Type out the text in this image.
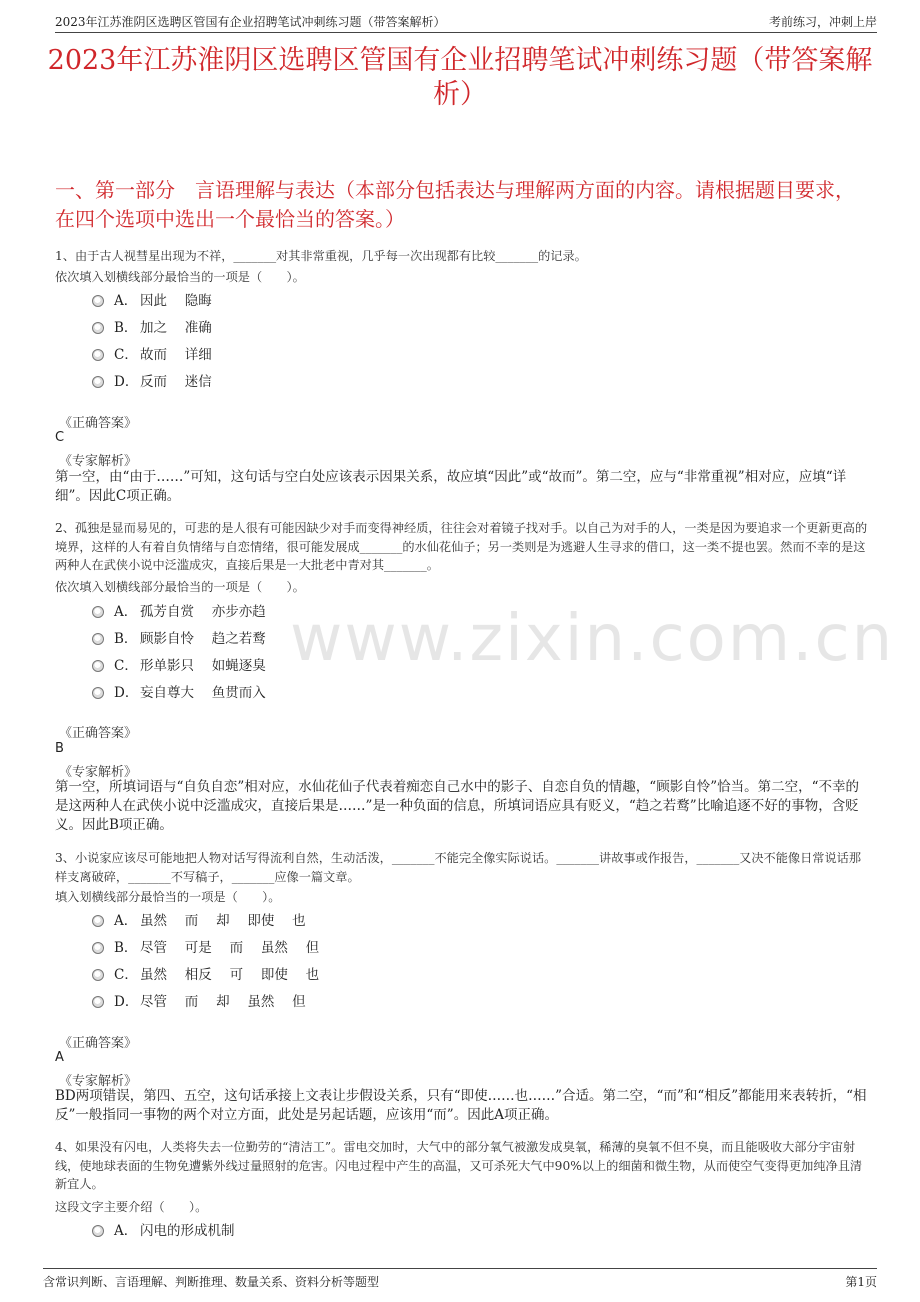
2023年江苏淮阴区选聘区管国有企业招聘笔试冲刺练习题（带答案解析）	考前练习，冲刺上岸
2023年江苏淮阴区选聘区管国有企业招聘笔试冲刺练习题（带答案解析）
一、第一部分　言语理解与表达（本部分包括表达与理解两方面的内容。请根据题目要求，在四个选项中选出一个最恰当的答案。）
www.zixin.com.cn
1、由于古人视彗星出现为不祥，_______对其非常重视，几乎每一次出现都有比较_______的记录。
依次填入划横线部分最恰当的一项是（　　）。
A． 因此　 隐晦
B． 加之　 准确
C． 故而　 详细
D． 反而　 迷信
《正确答案》
C
《专家解析》
第一空，由“由于……”可知，这句话与空白处应该表示因果关系，故应填“因此”或“故而”。第二空，应与“非常重视”相对应，应填“详细”。因此C项正确。
2、孤独是显而易见的，可悲的是人很有可能因缺少对手而变得神经质，往往会对着镜子找对手。以自己为对手的人，一类是因为要追求一个更新更高的境界，这样的人有着自负情绪与自恋情绪，很可能发展成_______的水仙花仙子；另一类则是为逃避人生寻求的借口，这一类不提也罢。然而不幸的是这两种人在武侠小说中泛滥成灾，直接后果是一大批老中青对其_______。
依次填入划横线部分最恰当的一项是（　　）。
A． 孤芳自赏　 亦步亦趋
B． 顾影自怜　 趋之若鹜
C． 形单影只　 如蝇逐臭
D． 妄自尊大　 鱼贯而入
《正确答案》
B
《专家解析》
第一空，所填词语与“自负自恋”相对应，水仙花仙子代表着痴恋自己水中的影子、自恋自负的情趣，“顾影自怜”恰当。第二空，“不幸的是这两种人在武侠小说中泛滥成灾，直接后果是……”是一种负面的信息，所填词语应具有贬义，“趋之若鹜”比喻追逐不好的事物，含贬义。因此B项正确。
3、小说家应该尽可能地把人物对话写得流利自然，生动活泼，_______不能完全像实际说话。_______讲故事或作报告，_______又决不能像日常说话那样支离破碎，_______不写稿子，_______应像一篇文章。
填入划横线部分最恰当的一项是（　　）。
A． 虽然　 而　 却　 即使　 也
B． 尽管　 可是　 而　 虽然　 但
C． 虽然　 相反　 可　 即使　 也
D． 尽管　 而　 却　 虽然　 但
《正确答案》
A
《专家解析》
BD两项错误，第四、五空，这句话承接上文表让步假设关系，只有“即使……也……”合适。第二空，“而”和“相反”都能用来表转折，“相反”一般指同一事物的两个对立方面，此处是另起话题，应该用“而”。因此A项正确。
4、如果没有闪电，人类将失去一位勤劳的“清洁工”。雷电交加时，大气中的部分氧气被激发成臭氧，稀薄的臭氧不但不臭，而且能吸收大部分宇宙射线，使地球表面的生物免遭紫外线过量照射的危害。闪电过程中产生的高温，又可杀死大气中90%以上的细菌和微生物，从而使空气变得更加纯净且清新宜人。
这段文字主要介绍（　　）。
A． 闪电的形成机制
含常识判断、言语理解、判断推理、数量关系、资料分析等题型	第1页
